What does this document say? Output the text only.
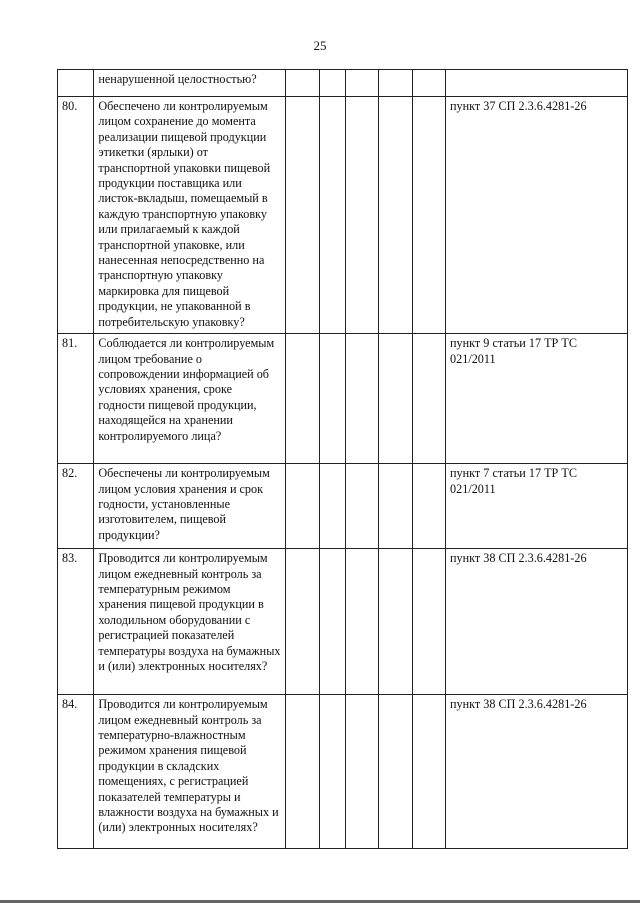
25
	ненарушенной целостностью?						
80.	Обеспечено ли контролируемым лицом сохранение до момента реализации пищевой продукции этикетки (ярлыки) от транспортной упаковки пищевой продукции поставщика или листок-вкладыш, помещаемый в каждую транспортную упаковку или прилагаемый к каждой транспортной упаковке, или нанесенная непосредственно на транспортную упаковку маркировка для пищевой продукции, не упакованной в потребительскую упаковку?						пункт 37 СП 2.3.6.4281-26
81.	Соблюдается ли контролируемым лицом требование о сопровождении информацией об условиях хранения, сроке годности пищевой продукции, находящейся на хранении контролируемого лица?						пункт 9 статьи 17 ТР ТС 021/2011
82.	Обеспечены ли контролируемым лицом условия хранения и срок годности, установленные изготовителем, пищевой продукции?						пункт 7 статьи 17 ТР ТС 021/2011
83.	Проводится ли контролируемым лицом ежедневный контроль за температурным режимом хранения пищевой продукции в холодильном оборудовании с регистрацией показателей температуры воздуха на бумажных и (или) электронных носителях?						пункт 38 СП 2.3.6.4281-26
84.	Проводится ли контролируемым лицом ежедневный контроль за температурно-влажностным режимом хранения пищевой продукции в складских помещениях, с регистрацией показателей температуры и влажности воздуха на бумажных и (или) электронных носителях?						пункт 38 СП 2.3.6.4281-26
